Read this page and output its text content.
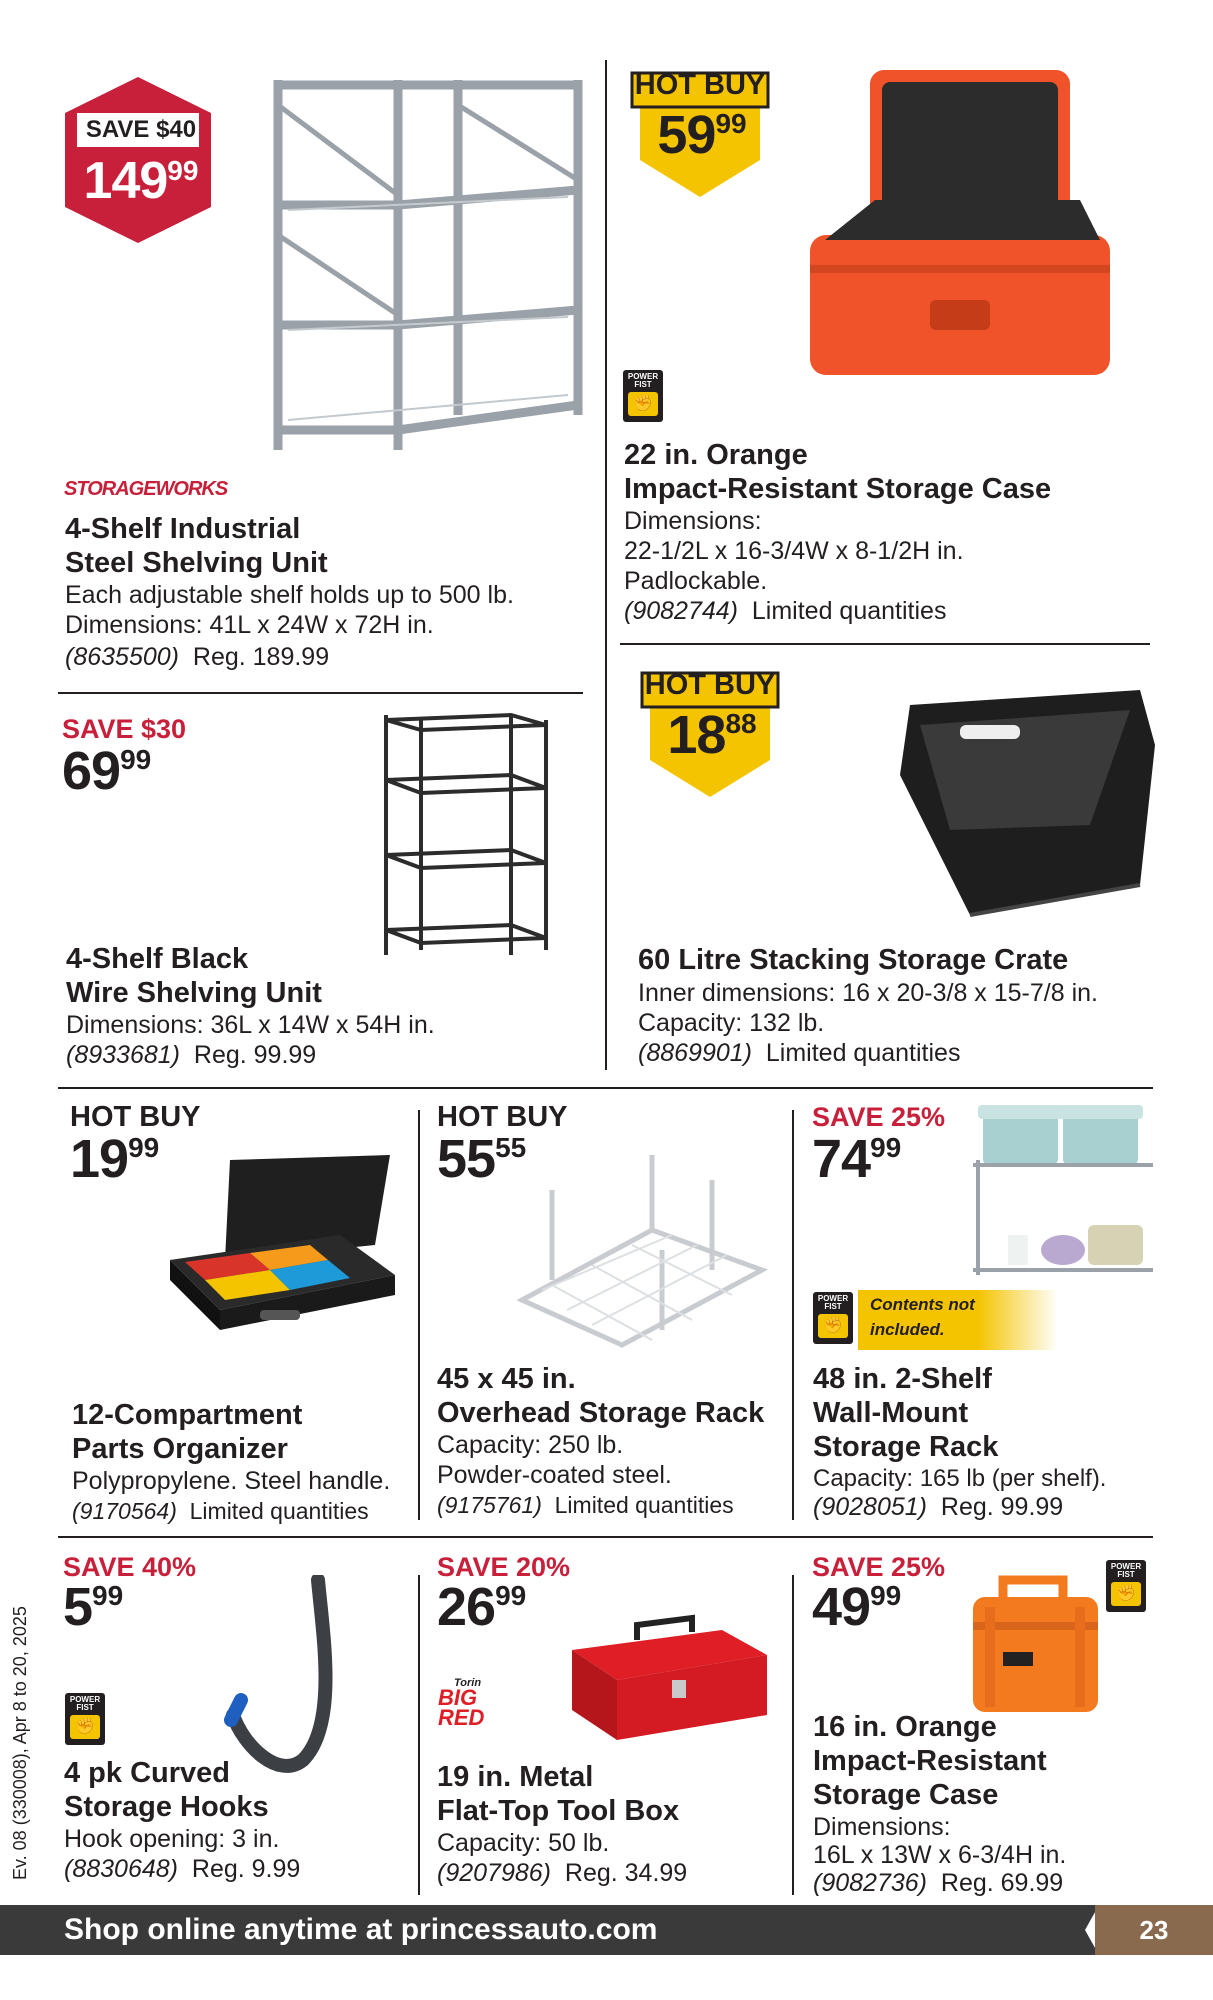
SAVE $40
14999
STORAGEWORKS
4-Shelf Industrial
Steel Shelving Unit
Each adjustable shelf holds up to 500 lb.
Dimensions: 41L x 24W x 72H in.
(8635500) Reg. 189.99
HOT BUY
5999
POWER FIST
✊
22 in. Orange
Impact-Resistant Storage Case
Dimensions:
22-1/2L x 16-3/4W x 8-1/2H in.
Padlockable.
(9082744) Limited quantities
SAVE $30
6999
4-Shelf Black
Wire Shelving Unit
Dimensions: 36L x 14W x 54H in.
(8933681) Reg. 99.99
HOT BUY
1888
60 Litre Stacking Storage Crate
Inner dimensions: 16 x 20-3/8 x 15-7/8 in.
Capacity: 132 lb.
(8869901) Limited quantities
HOT BUY
1999
12-Compartment
Parts Organizer
Polypropylene. Steel handle.
(9170564) Limited quantities
HOT BUY
5555
45 x 45 in.
Overhead Storage Rack
Capacity: 250 lb.
Powder-coated steel.
(9175761) Limited quantities
SAVE 25%
7499
POWER FIST
✊
Contents not included.
48 in. 2-Shelf
Wall-Mount
Storage Rack
Capacity: 165 lb (per shelf).
(9028051) Reg. 99.99
SAVE 40%
599
POWER FIST
✊
4 pk Curved
Storage Hooks
Hook opening: 3 in.
(8830648) Reg. 9.99
SAVE 20%
2699
Torin
BIG RED
19 in. Metal
Flat-Top Tool Box
Capacity: 50 lb.
(9207986) Reg. 34.99
SAVE 25%
4999
POWER FIST
✊
16 in. Orange
Impact-Resistant
Storage Case
Dimensions:
16L x 13W x 6-3/4H in.
(9082736) Reg. 69.99
Ev. 08 (330008), Apr 8 to 20, 2025
Shop online anytime at princessauto.com	23
